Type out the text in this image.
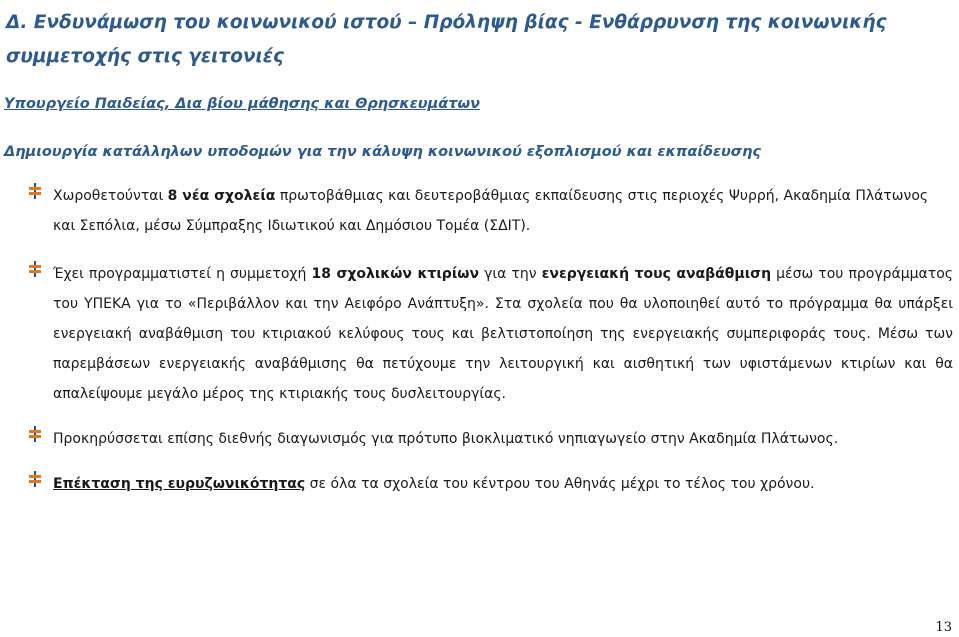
Δ. Ενδυνάμωση του κοινωνικού ιστού – Πρόληψη βίας - Ενθάρρυνση της κοινωνικής συμμετοχής στις γειτονιές

Υπουργείο Παιδείας, Δια βίου μάθησης και Θρησκευμάτων

Δημιουργία κατάλληλων υποδομών για την κάλυψη κοινωνικού εξοπλισμού και εκπαίδευσης

Χωροθετούνται 8 νέα σχολεία πρωτοβάθμιας και δευτεροβάθμιας εκπαίδευσης στις περιοχές Ψυρρή, Ακαδημία Πλάτωνος και Σεπόλια, μέσω Σύμπραξης Ιδιωτικού και Δημόσιου Τομέα (ΣΔΙΤ).

Έχει προγραμματιστεί η συμμετοχή 18 σχολικών κτιρίων για την ενεργειακή τους αναβάθμιση μέσω του προγράμματος του ΥΠΕΚΑ για το «Περιβάλλον και την Αειφόρο Ανάπτυξη». Στα σχολεία που θα υλοποιηθεί αυτό το πρόγραμμα θα υπάρξει ενεργειακή αναβάθμιση του κτιριακού κελύφους τους και βελτιστοποίηση της ενεργειακής συμπεριφοράς τους. Μέσω των παρεμβάσεων ενεργειακής αναβάθμισης θα πετύχουμε την λειτουργική και αισθητική των υφιστάμενων κτιρίων και θα απαλείψουμε μεγάλο μέρος της κτιριακής τους δυσλειτουργίας.

Προκηρύσσεται επίσης διεθνής διαγωνισμός για πρότυπο βιοκλιματικό νηπιαγωγείο στην Ακαδημία Πλάτωνος.

Επέκταση της ευρυζωνικότητας σε όλα τα σχολεία του κέντρου του Αθηνάς μέχρι το τέλος του χρόνου.

13
